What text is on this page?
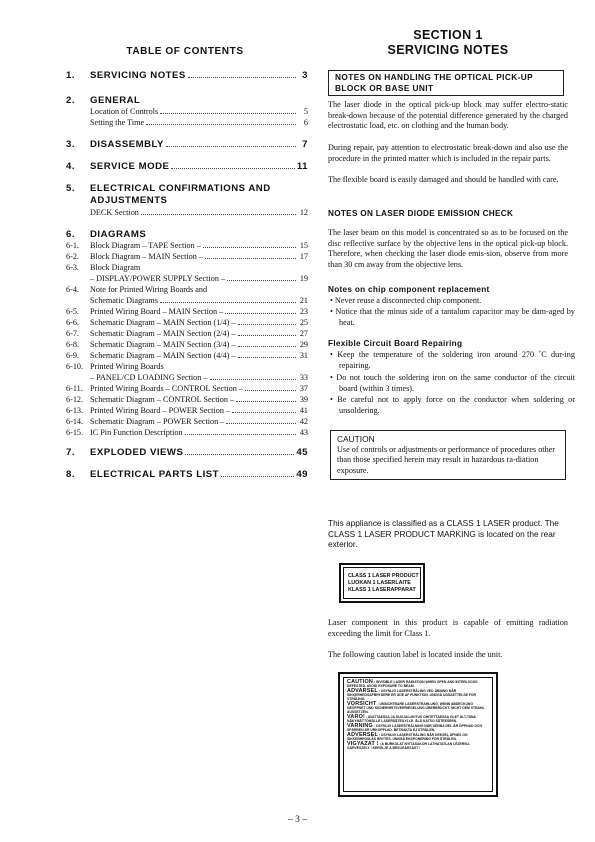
TABLE OF CONTENTS
1.	SERVICING NOTES	3
2.	GENERAL
Location of Controls	5
Setting the Time	6
3.	DISASSEMBLY	7
4.	SERVICE MODE	11
5.	ELECTRICAL CONFIRMATIONS AND
ADJUSTMENTS
DECK Section	12
6.	DIAGRAMS
6-1.	Block Diagram – TAPE Section –	15
6-2.	Block Diagram – MAIN Section –	17
6-3.	Block Diagram
– DISPLAY/POWER SUPPLY Section –	19
6-4.	Note for Printed Wiring Boards and
Schematic Diagrams	21
6-5.	Printed Wiring Board – MAIN Section –	23
6-6.	Schematic Diagram – MAIN Section (1/4) –	25
6-7.	Schematic Diagram – MAIN Section (2/4) –	27
6-8.	Schematic Diagram – MAIN Section (3/4) –	29
6-9.	Schematic Diagram – MAIN Section (4/4) –	31
6-10. Printed Wiring Boards
– PANEL/CD LOADING Section –	33
6-11. Printed Wiring Boards – CONTROL Section –	37
6-12. Schematic Diagram – CONTROL Section –	39
6-13. Printed Wiring Board – POWER Section –	41
6-14. Schematic Diagram – POWER Section –	42
6-15. IC Pin Function Description	43
7.	EXPLODED VIEWS	45
8.	ELECTRICAL PARTS LIST	49
SECTION 1
SERVICING NOTES
NOTES ON HANDLING THE OPTICAL PICK-UP BLOCK OR BASE UNIT
The laser diode in the optical pick-up block may suffer electro-static break-down because of the potential difference generated by the charged electrostatic load, etc. on clothing and the human body.
During repair, pay attention to electrostatic break-down and also use the procedure in the printed matter which is included in the repair parts.
The flexible board is easily damaged and should be handled with care.
NOTES ON LASER DIODE EMISSION CHECK
The laser beam on this model is concentrated so as to be focused on the disc reflective surface by the objective lens in the optical pick-up block. Therefore, when checking the laser diode emis-sion, observe from more than 30 cm away from the objective lens.
Notes on chip component replacement
• Never reuse a disconnected chip component.
• Notice that the minus side of a tantalum capacitor may be dam-aged by heat.
Flexible Circuit Board Repairing
• Keep the temperature of the soldering iron around 270 ˚C dur-ing repairing.
• Do not touch the soldering iron on the same conductor of the circuit board (within 3 times).
• Be careful not to apply force on the conductor when soldering or unsoldering.
CAUTION
Use of controls or adjustments or performance of procedures other than those specified herein may result in hazardous ra-diation exposure.
This appliance is classified as a CLASS 1 LASER product. The CLASS 1 LASER PRODUCT MARKING is located on the rear exterior.
CLASS 1 LASER PRODUCT
LUOKAN 1 LASERLAITE
KLASS 1 LASERAPPARAT
Laser component in this product is capable of emitting radiation exceeding the limit for Class 1.
The following caution label is located inside the unit.
CAUTION : INVISIBLE LASER RADIATION WHEN OPEN AND INTERLOCKS DEFEATED. AVOID EXPOSURE TO BEAM.
ADVARSEL : USYNLIG LASERSTRÅLING VED ÅBNING NÅR SIKKERHEDSAFBRYDERE ER UDE AF FUNKTION. UNDGÅ UDSAETTELSE FOR STRÅLING.
VORSICHT : UNSICHTBARE LASERSTRAHLUNG, WENN ABDECKUNG GEÖFFNET UND SICHERHEITSVERRIEGELUNG ÜBERBRÜCKT. NICHT DEM STRAHL AUSSETZEN.
VARO! : AVATTAESSA JA SUOJALUKITUS OHITETTAESSA OLET ALT-TIINA NÄKYMÄTTÖMÄLLE LASERSÄTEILYLLE. ÄLÄ KATSO SÄTEESEEN.
VARNING : OSYNLIG LASERSTRÅLNING NÄR DENNA DEL ÄR ÖPPNAD OCH SPÄRREN ÄR URKOPPLAD. BETRAKTA EJ STRÅLEN.
ADVERSEL : USYNLIG LASERSTRÅLING NÅR DEKSEL ÅPNES OG SIKKERHEDSLÅS BRYTES. UNNGÅ EKSPONERING FOR STRÅLEN.
VIGYAZAT ! : A BURKOLAT NYITÁSAKOR LÁTHATATLAN LÉZERSU-GÁRVESZÉLY ! KERÜLJE A BESUGÁRZÁST !
– 3 –
